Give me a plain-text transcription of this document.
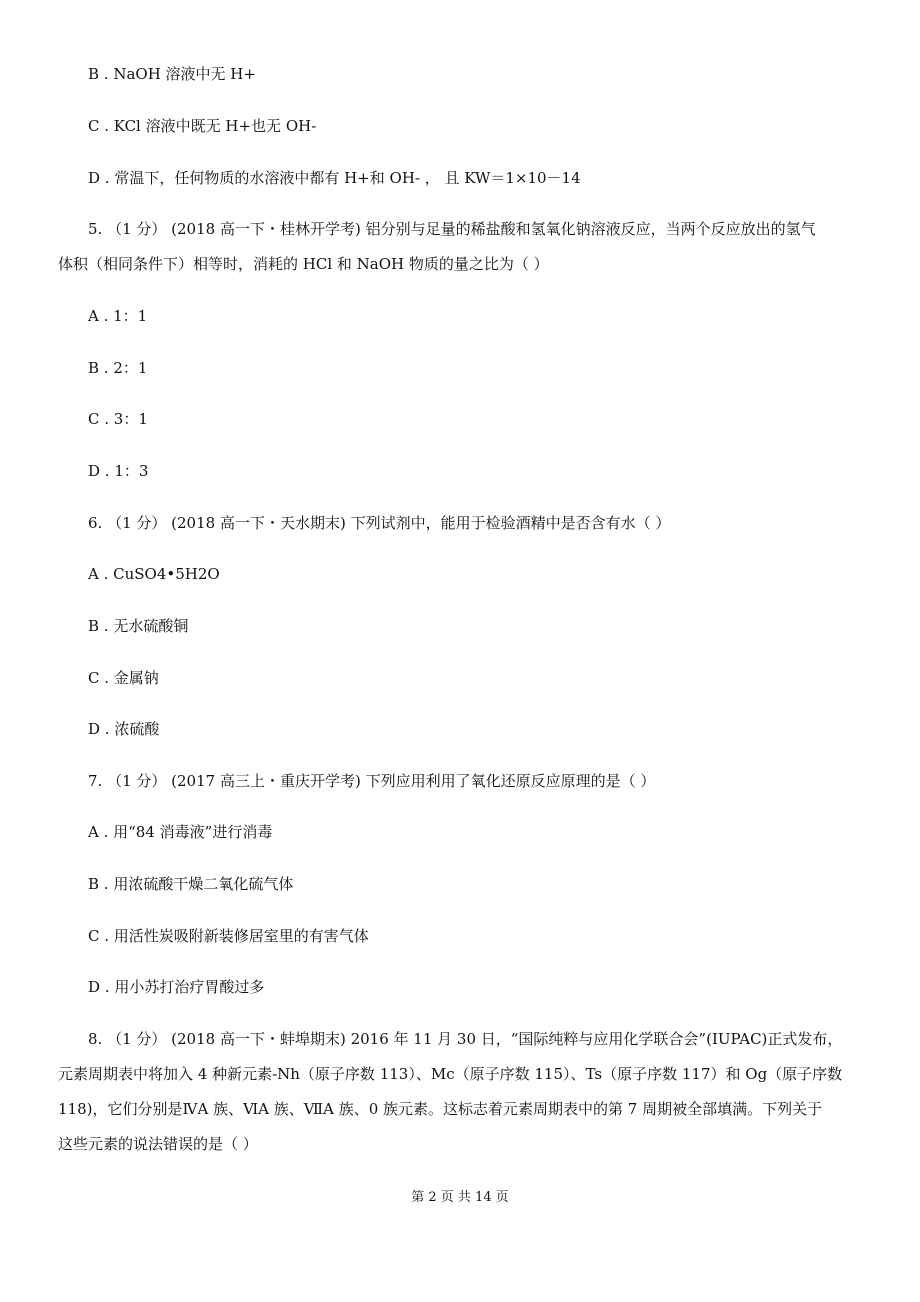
B . NaOH 溶液中无 H+
C . KCl 溶液中既无 H+也无 OH-
D . 常温下，任何物质的水溶液中都有 H+和 OH- ， 且 KW＝1×10－14
5. （1 分） (2018 高一下・桂林开学考) 铝分别与足量的稀盐酸和氢氧化钠溶液反应，当两个反应放出的氢气
体积（相同条件下）相等时，消耗的 HCl 和 NaOH 物质的量之比为（ ）
A . 1：1
B . 2：1
C . 3：1
D . 1：3
6. （1 分） (2018 高一下・天水期末) 下列试剂中，能用于检验酒精中是否含有水（ ）
A . CuSO4•5H2O
B . 无水硫酸铜
C . 金属钠
D . 浓硫酸
7. （1 分） (2017 高三上・重庆开学考) 下列应用利用了氧化还原反应原理的是（ ）
A . 用“84 消毒液”进行消毒
B . 用浓硫酸干燥二氧化硫气体
C . 用活性炭吸附新装修居室里的有害气体
D . 用小苏打治疗胃酸过多
8. （1 分） (2018 高一下・蚌埠期末) 2016 年 11 月 30 日，“国际纯粹与应用化学联合会”(IUPAC)正式发布，
元素周期表中将加入 4 种新元素-Nh（原子序数 113）、Mc（原子序数 115）、Ts（原子序数 117）和 Og（原子序数
118)，它们分别是ⅣA 族、ⅥA 族、ⅦA 族、0 族元素。这标志着元素周期表中的第 7 周期被全部填满。下列关于
这些元素的说法错误的是（ ）
第 2 页 共 14 页
